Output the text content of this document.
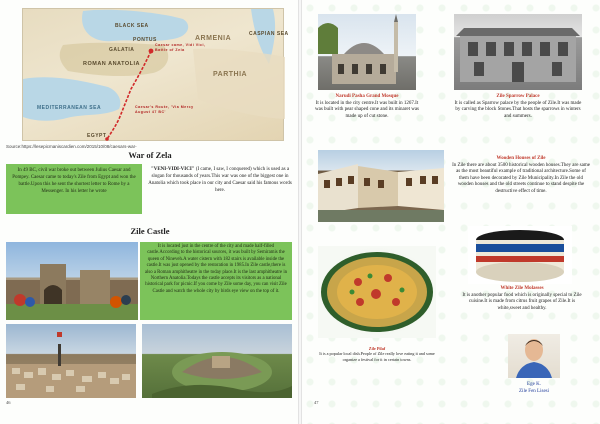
BLACK SEA
CASPIAN SEA
PONTUS	ARMENIA
GALATIA
ROMAN ANATOLIA
PARTHIA
MEDITERRANEAN SEA
EGYPT
Caesar came, Vidi Vici, Battle of Zela
Caesar's Route, 'Via Mercy August 47 BC'
Source:https://lesepicmaniscardien.com/2015/10/08/caesars-war-
War of Zela
In 49 BC, civil war broke out between Julius Caesar and Pompey. Caesar came to today's Zile from Egypt and won the battle.Upon this he sent the shortest letter to Rome by a Messenger. In his letter he wrote
"VENI-VIDI-VICI" (I came, I saw, I conquered) which is used as a slogan for thousands of years.This war was one of the biggest one in Anatolia which took place in our city and Caesar said his famous words here.
Zile Castle
It is located just in the centre of the city and made half-filled castle.According to the historical sources, it was built by Semiramis the queen of Nineveh.A water cistern with 182 stairs is available inside the castle.It was just opened by the restoration in 1985.In Zile castle,there is also a Roman amphitheatre in the today place.It is the last amphitheatre in Northern Anatolia.Todays the castle accepts its visitors as a national historical park for picnic.If you come by Zile some day, you can visit Zile Castle and watch the whole city by birds eye view on the top of it.
46
Narudi Pasha Grand Mosque
It is located in the city centre.It was built in 1267.It was built with pear shaped cone and its minaret was made up of cut stone.
Zile Sparrow Palace
It is called as Sparrow palace by the people of Zile.It was made by carving the block Stones.That hosts the sparrows in winters and summers.
Wooden Houses of Zile
In Zile there are about 3500 historical wooden houses.They are same as the most beautiful example of traditional architecture.Some of them have been decorated by Zile Municipality.In Zile the old wooden houses and the old streets continue to stand despite the destructive effect of time.
White Zile Molasses
It is another popular food which is originally special to Zile cuisine.It is made from citrus fruit grapes of Zile.It is white,sweet and healthy.
Zile Pilaf
It is a popular local dish.People of Zile really love eating it and some organize a festival for it in certain towns.
Ege K.
Zile Fen Lisesi
47
